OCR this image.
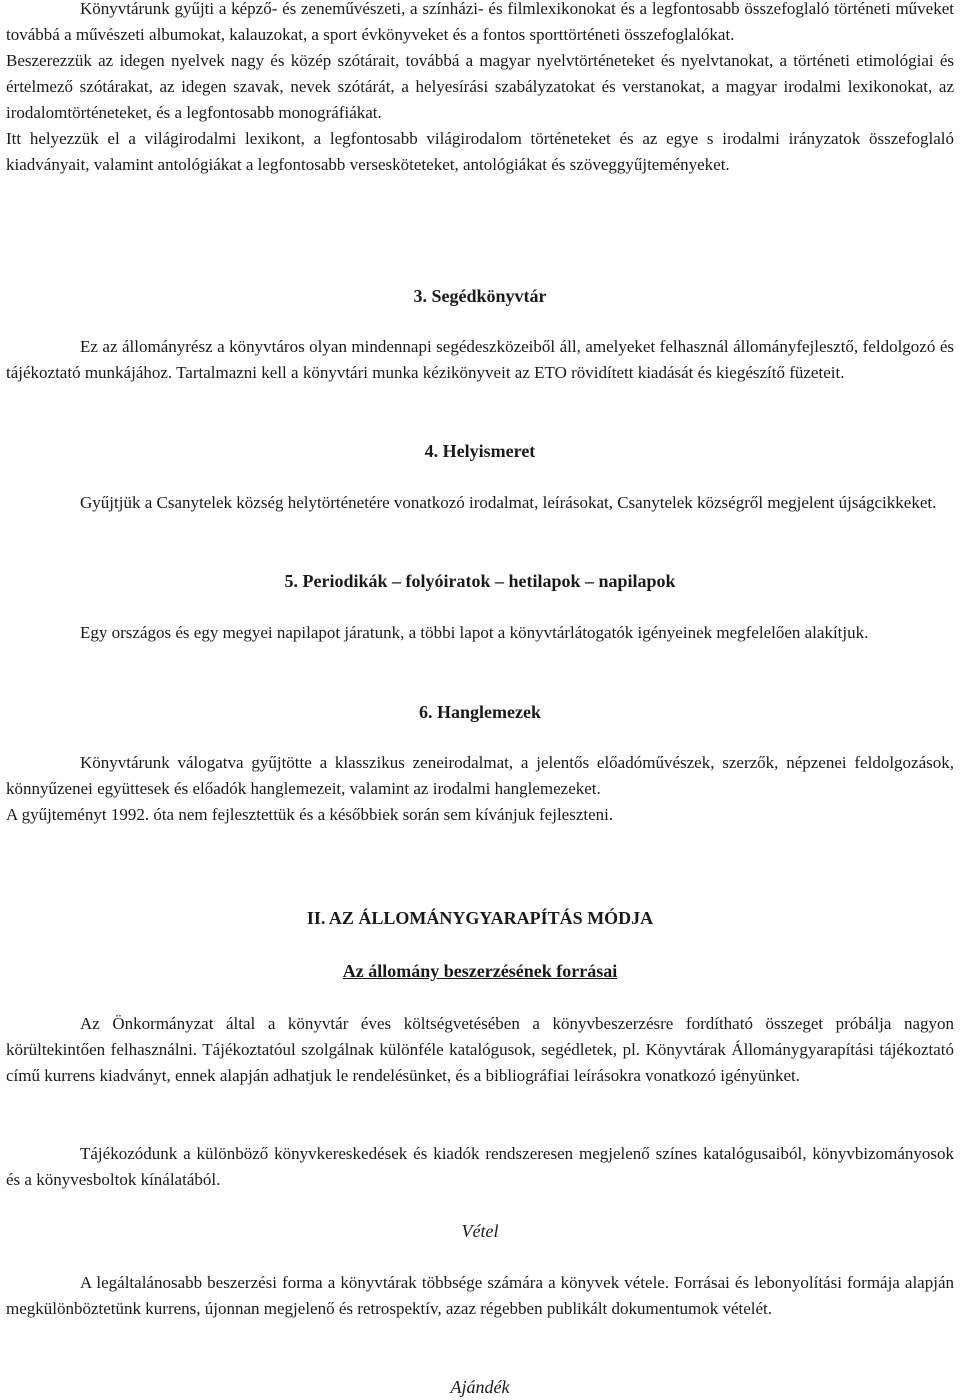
Könyvtárunk gyűjti a képző- és zeneművészeti, a színházi- és filmlexikonokat és a legfontosabb összefoglaló történeti műveket továbbá a művészeti albumokat, kalauzokat, a sport évkönyveket és a fontos sporttörténeti összefoglalókat.

Beszerezzük az idegen nyelvek nagy és közép szótárait, továbbá a magyar nyelvtörténeteket és nyelvtanokat, a történeti etimológiai és értelmező szótárakat, az idegen szavak, nevek szótárát, a helyesírási szabályzatokat és verstanokat, a magyar irodalmi lexikonokat, az irodalomtörténeteket, és a legfontosabb monográfiákat.

Itt helyezzük el a világirodalmi lexikont, a legfontosabb világirodalom történeteket és az egye s irodalmi irányzatok összefoglaló kiadványait, valamint antológiákat a legfontosabb versesköteteket, antológiákat és szöveggyűjteményeket.

3. Segédkönyvtár

Ez az állományrész a könyvtáros olyan mindennapi segédeszközeiből áll, amelyeket felhasznál állományfejlesztő, feldolgozó és tájékoztató munkájához. Tartalmazni kell a könyvtári munka kézikönyveit az ETO rövidített kiadását és kiegészítő füzeteit.

4. Helyismeret

Gyűjtjük a Csanytelek község helytörténetére vonatkozó irodalmat, leírásokat, Csanytelek községről megjelent újságcikkeket.

5. Periodikák – folyóiratok – hetilapok – napilapok

Egy országos és egy megyei napilapot járatunk, a többi lapot a könyvtárlátogatók igényeinek megfelelően alakítjuk.

6. Hanglemezek

Könyvtárunk válogatva gyűjtötte a klasszikus zeneirodalmat, a jelentős előadóművészek, szerzők, népzenei feldolgozások, könnyűzenei együttesek és előadók hanglemezeit, valamint az irodalmi hanglemezeket.

A gyűjteményt 1992. óta nem fejlesztettük és a későbbiek során sem kívánjuk fejleszteni.

II. AZ ÁLLOMÁNYGYARAPÍTÁS MÓDJA
Az állomány beszerzésének forrásai

Az Önkormányzat által a könyvtár éves költségvetésében a könyvbeszerzésre fordítható összeget próbálja nagyon körültekintően felhasználni. Tájékoztatóul szolgálnak különféle katalógusok, segédletek, pl. Könyvtárak Állománygyarapítási tájékoztató című kurrens kiadványt, ennek alapján adhatjuk le rendelésünket, és a bibliográfiai leírásokra vonatkozó igényünket.

Tájékozódunk a különböző könyvkereskedések és kiadók rendszeresen megjelenő színes katalógusaiból, könyvbizományosok és a könyvesboltok kínálatából.

Vétel

A legáltalánosabb beszerzési forma a könyvtárak többsége számára a könyvek vétele. Forrásai és lebonyolítási formája alapján megkülönböztetünk kurrens, újonnan megjelenő és retrospektív, azaz régebben publikált dokumentumok vételét.

Ajándék
